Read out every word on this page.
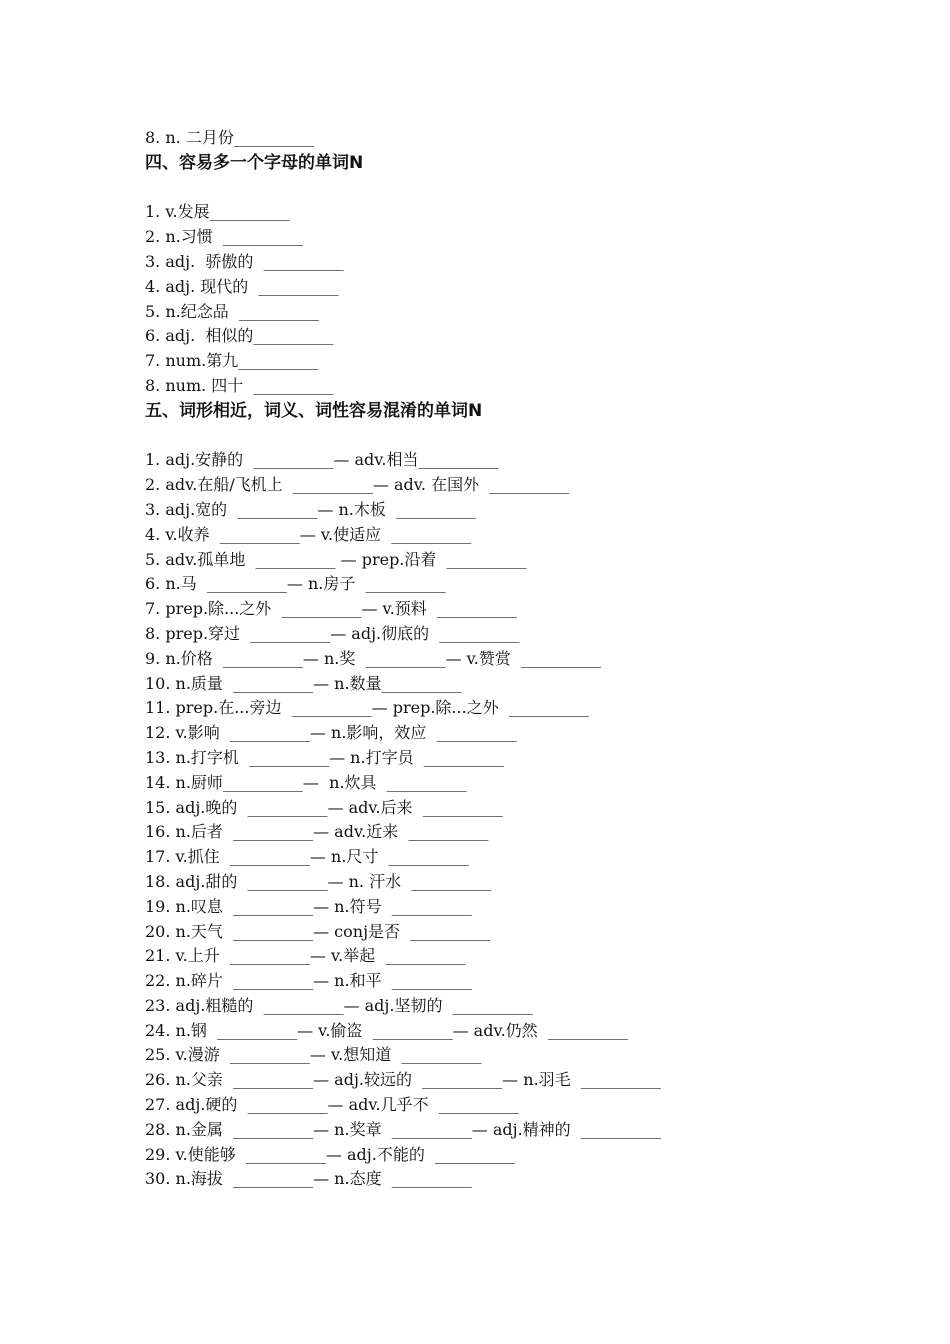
8. n. 二月份__________
四、容易多一个字母的单词N
1. v.发展__________
2. n.习惯  __________
3. adj.  骄傲的  __________
4. adj. 现代的  __________
5. n.纪念品  __________
6. adj.  相似的__________
7. num.第九__________
8. num. 四十  __________
五、词形相近，词义、词性容易混淆的单词N
1. adj.安静的  __________— adv.相当__________
2. adv.在船/飞机上  __________— adv. 在国外  __________
3. adj.宽的  __________— n.木板  __________
4. v.收养  __________— v.使适应  __________
5. adv.孤单地  __________ — prep.沿着  __________
6. n.马  __________— n.房子  __________
7. prep.除...之外  __________— v.预料  __________
8. prep.穿过  __________— adj.彻底的  __________
9. n.价格  __________— n.奖  __________— v.赞赏  __________
10. n.质量  __________— n.数量__________
11. prep.在...旁边  __________— prep.除...之外  __________
12. v.影响  __________— n.影响，效应  __________
13. n.打字机  __________— n.打字员  __________
14. n.厨师__________—  n.炊具  __________
15. adj.晚的  __________— adv.后来  __________
16. n.后者  __________— adv.近来  __________
17. v.抓住  __________— n.尺寸  __________
18. adj.甜的  __________— n. 汗水  __________
19. n.叹息  __________— n.符号  __________
20. n.天气  __________— conj是否  __________
21. v.上升  __________— v.举起  __________
22. n.碎片  __________— n.和平  __________
23. adj.粗糙的  __________— adj.坚韧的  __________
24. n.钢  __________— v.偷盗  __________— adv.仍然  __________
25. v.漫游  __________— v.想知道  __________
26. n.父亲  __________— adj.较远的  __________— n.羽毛  __________
27. adj.硬的  __________— adv.几乎不  __________
28. n.金属  __________— n.奖章  __________— adj.精神的  __________
29. v.使能够  __________— adj.不能的  __________
30. n.海拔  __________— n.态度  __________
